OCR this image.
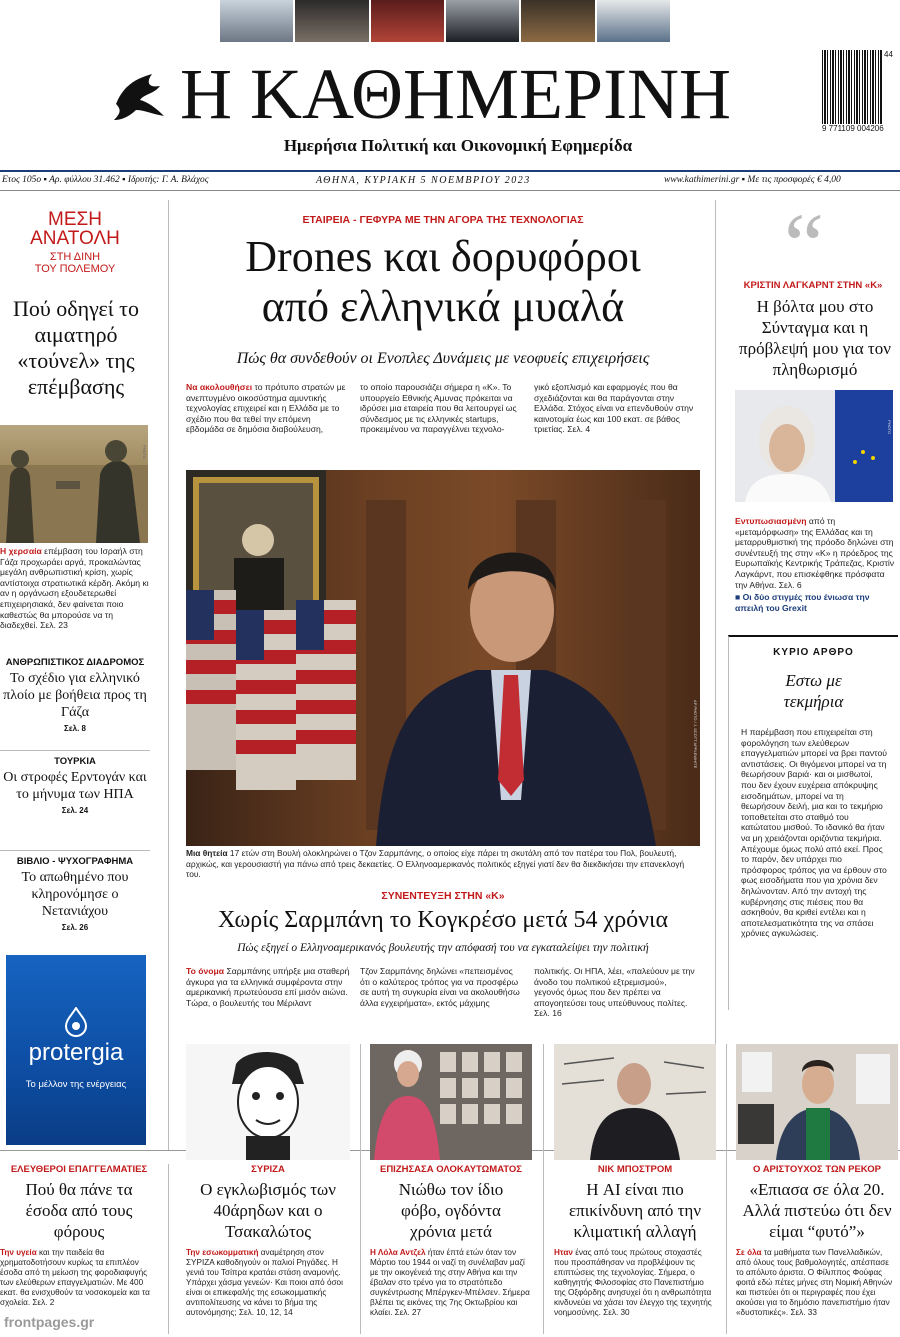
Η ΚΑΘΗΜΕΡΙΝΗ
Ημερήσια Πολιτική και Οικονομική Εφημερίδα
9 771109 004206
44
Ετος 105ο ▪ Αρ. φύλλου 31.462 ▪ Ιδρυτής: Γ. Α. Βλάχος	ΑΘΗΝΑ, ΚΥΡΙΑΚΗ 5 ΝΟΕΜΒΡΙΟΥ 2023	www.kathimerini.gr ▪ Με τις προσφορές € 4,00
ΜΕΣΗ
ΑΝΑΤΟΛΗ
ΣΤΗ ΔΙΝΗ
ΤΟΥ ΠΟΛΕΜΟΥ
Πού οδηγεί το αιματηρό «τούνελ» της επέμβασης
PHOTO
Η χερσαία επέμβαση του Ισραήλ στη Γάζα προχωράει αργά, προκαλώντας μεγάλη ανθρωπιστική κρίση, χωρίς αντίστοιχα στρατιωτικά κέρδη. Ακόμη κι αν η οργάνωση εξουδετερωθεί επιχειρησιακά, δεν φαίνεται ποιο καθεστώς θα μπορούσε να τη διαδεχθεί. Σελ. 23
ΑΝΘΡΩΠΙΣΤΙΚΟΣ ΔΙΑΔΡΟΜΟΣ
Το σχέδιο για ελληνικό πλοίο με βοήθεια προς τη Γάζα
Σελ. 8
ΤΟΥΡΚΙΑ
Οι στροφές Ερντογάν και το μήνυμα των ΗΠΑ
Σελ. 24
ΒΙΒΛΙΟ - ΨΥΧΟΓΡΑΦΗΜΑ
Το απωθημένο που κληρονόμησε ο Νετανιάχου
Σελ. 26
protergia
Το μέλλον της ενέργειας
ΕΤΑΙΡΕΙΑ - ΓΕΦΥΡΑ ΜΕ ΤΗΝ ΑΓΟΡΑ ΤΗΣ ΤΕΧΝΟΛΟΓΙΑΣ
Drones και δορυφόροι
από ελληνικά μυαλά
Πώς θα συνδεθούν οι Ενοπλες Δυνάμεις με νεοφυείς επιχειρήσεις
Να ακολουθήσει το πρότυπο στρατών με ανεπτυγμένο οικοσύστημα αμυντικής τεχνολογίας επιχειρεί και η Ελλάδα με το σχέδιο που θα τεθεί την επόμενη εβδομάδα σε δημόσια διαβούλευση,
το οποίο παρουσιάζει σήμερα η «Κ». Το υπουργείο Εθνικής Αμυνας πρόκειται να ιδρύσει μια εταιρεία που θα λειτουργεί ως σύνδεσμος με τις ελληνικές startups, προκειμένου να παραγγέλνει τεχνολο-
γικό εξοπλισμό και εφαρμογές που θα σχεδιάζονται και θα παράγονται στην Ελλάδα. Στόχος είναι να επενδυθούν στην καινοτομία έως και 100 εκατ. σε βάθος τριετίας. Σελ. 4
AP PHOTO / J. SCOTT APPLEWHITE
Μια θητεία 17 ετών στη Βουλή ολοκληρώνει ο Τζον Σαρμπάνης, ο οποίος είχε πάρει τη σκυτάλη από τον πατέρα του Πολ, βουλευτή, αρχικώς, και γερουσιαστή για πάνω από τρεις δεκαετίες. Ο Ελληνοαμερικανός πολιτικός εξηγεί γιατί δεν θα διεκδικήσει την επανεκλογή του.
ΣΥΝΕΝΤΕΥΞΗ ΣΤΗΝ «Κ»
Χωρίς Σαρμπάνη το Κογκρέσο μετά 54 χρόνια
Πώς εξηγεί ο Ελληνοαμερικανός βουλευτής την απόφασή του να εγκαταλείψει την πολιτική
Το όνομα Σαρμπάνης υπήρξε μια σταθερή άγκυρα για τα ελληνικά συμφέροντα στην αμερικανική πρωτεύουσα επί μισόν αιώνα. Τώρα, ο βουλευτής του Μέριλαντ
Τζον Σαρμπάνης δηλώνει «πεπεισμένος ότι ο καλύτερος τρόπος για να προσφέρω σε αυτή τη συγκυρία είναι να ακολουθήσω άλλα εγχειρήματα», εκτός μάχιμης
πολιτικής. Οι ΗΠΑ, λέει, «παλεύουν με την άνοδο του πολιτικού εξτρεμισμού», γεγονός όμως που δεν πρέπει να απογοητεύσει τους υπεύθυνους πολίτες. Σελ. 16
“
ΚΡΙΣΤΙΝ ΛΑΓΚΑΡΝΤ ΣΤΗΝ «Κ»
Η βόλτα μου στο Σύνταγμα και η πρόβλεψή μου για τον πληθωρισμό
PHOTO
Εντυπωσιασμένη από τη «μεταμόρφωση» της Ελλάδας και τη μεταρρυθμιστική της πρόοδο δηλώνει στη συνέντευξή της στην «Κ» η πρόεδρος της Ευρωπαϊκής Κεντρικής Τράπεζας, Κριστίν Λαγκάρντ, που επισκέφθηκε πρόσφατα την Αθήνα. Σελ. 6
■ Οι δύο στιγμές που ένιωσα την απειλή του Grexit
ΚΥΡΙΟ ΑΡΘΡΟ
Εστω με τεκμήρια
Η παρέμβαση που επιχειρείται στη φορολόγηση των ελεύθερων επαγγελματιών μπορεί να βρει παντού αντιστάσεις. Οι θιγόμενοι μπορεί να τη θεωρήσουν βαριά· και οι μισθωτοί, που δεν έχουν ευχέρεια απόκρυψης εισοδημάτων, μπορεί να τη θεωρήσουν δειλή, μια και το τεκμήριο τοποθετείται στο σταθμό του κατώτατου μισθού. Το ιδανικό θα ήταν να μη χρειάζονται οριζόντια τεκμήρια. Απέχουμε όμως πολύ από εκεί. Προς το παρόν, δεν υπάρχει πιο πρόσφορος τρόπος για να έρθουν στο φως εισοδήματα που για χρόνια δεν δηλώνονταν. Από την αντοχή της κυβέρνησης στις πιέσεις που θα ασκηθούν, θα κριθεί εντέλει και η αποτελεσματικότητα της να σπάσει χρόνιες αγκυλώσεις.
ΕΛΕΥΘΕΡΟΙ ΕΠΑΓΓΕΛΜΑΤΙΕΣ
Πού θα πάνε τα έσοδα από τους φόρους
Την υγεία και την παιδεία θα χρηματοδοτήσουν κυρίως τα επιπλέον έσοδα από τη μείωση της φοροδιαφυγής των ελεύθερων επαγγελματιών. Με 400 εκατ. θα ενισχυθούν τα νοσοκομεία και τα σχολεία. Σελ. 2
ΣΥΡΙΖΑ
Ο εγκλωβισμός των 40άρηδων και ο Τσακαλώτος
Την εσωκομματική αναμέτρηση στον ΣΥΡΙΖΑ καθοδηγούν οι παλιοί Ρηγάδες. Η γενιά του Τσίπρα κρατάει στάση αναμονής. Υπάρχει χάσμα γενεών· Και ποιοι από όσοι είναι οι επικεφαλής της εσωκομματικής αντιπολίτευσης να κάνει το βήμα της αυτονόμησης; Σελ. 10, 12, 14
ΕΠΙΖΗΣΑΣΑ ΟΛΟΚΑΥΤΩΜΑΤΟΣ
Νιώθω τον ίδιο φόβο, ογδόντα χρόνια μετά
Η Λόλα Αντζελ ήταν έπτά ετών όταν τον Μάρτιο του 1944 οι ναζί τη συνέλαβαν μαζί με την οικογένειά της στην Αθήνα και την έβαλαν στο τρένο για το στρατόπεδο συγκέντρωσης Μπέργκεν-Μπέλσεν. Σήμερα βλέπει τις εικόνες της 7ης Οκτωβρίου και κλαίει. Σελ. 27
ΝΙΚ ΜΠΟΣΤΡΟΜ
Η AI είναι πιο επικίνδυνη από την κλιματική αλλαγή
Ηταν ένας από τους πρώτους στοχαστές που προσπάθησαν να προβλέψουν τις επιπτώσεις της τεχνολογίας. Σήμερα, ο καθηγητής Φιλοσοφίας στο Πανεπιστήμιο της Οξφόρδης ανησυχεί ότι η ανθρωπότητα κινδυνεύει να χάσει τον έλεγχο της τεχνητής νοημοσύνης. Σελ. 30
Ο ΑΡΙΣΤΟΥΧΟΣ ΤΩΝ ΡΕΚΟΡ
«Επιασα σε όλα 20. Αλλά πιστεύω ότι δεν είμαι “φυτό”»
Σε όλα τα μαθήματα των Πανελλαδικών, από όλους τους βαθμολογητές, απέσπασε το απόλυτο άριστα. Ο Φίλιππος Φούφας φοιτά εδώ πέτες μήνες στη Νομική Αθηνών και πιστεύει ότι οι περιγραφές που έχει ακούσει για το δημόσιο πανεπιστήμιο ήταν «δυστοπικές». Σελ. 33
frontpages.gr
